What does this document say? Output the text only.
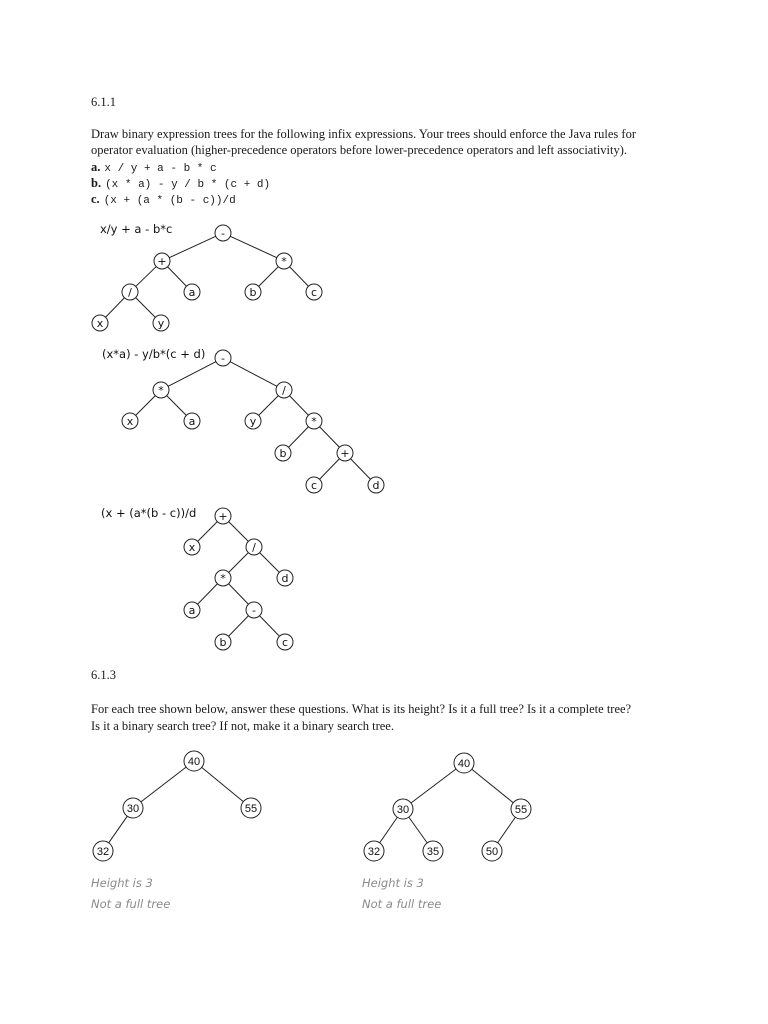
6.1.1
Draw binary expression trees for the following infix expressions. Your trees should enforce the Java rules for
operator evaluation (higher-precedence operators before lower-precedence operators and left associativity).
a. x / y + a - b * c
b. (x * a) - y / b * (c + d)
c. (x + (a * (b - c))/d
x/y + a - b*c
(x*a) - y/b*(c + d)
(x + (a*(b - c))/d
6.1.3
For each tree shown below, answer these questions. What is its height? Is it a full tree? Is it a complete tree?
Is it a binary search tree? If not, make it a binary search tree.
Height is 3
Not a full tree
Height is 3
Not a full tree
-
+	*
/	a	b	c
x	y
-
*	/
x	a	y	*
b	+
c	d
+
x	/
*	d
a	-
b	c
40
30	55
32
40
30	55
32	35	50
